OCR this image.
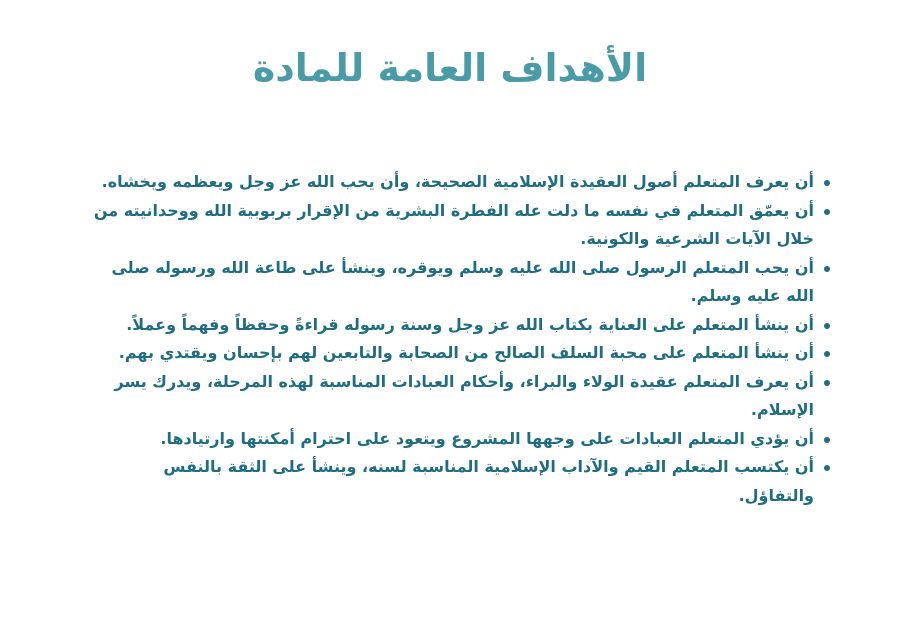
الأهداف العامة للمادة
أن يعرف المتعلم أصول العقيدة الإسلامية الصحيحة، وأن يحب الله عز وجل ويعظمه ويخشاه.
أن يعمّق المتعلم في نفسه ما دلت عله الفطرة البشرية من الإقرار بربوبية الله ووحدانيته من خلال الآيات الشرعية والكونية.
أن يحب المتعلم الرسول صلى الله عليه وسلم ويوقره، وينشأ على طاعة الله ورسوله صلى الله عليه وسلم.
أن ينشأ المتعلم على العناية بكتاب الله عز وجل وسنة رسوله قراءةً وحفظاً وفهماً وعملاً.
أن ينشأ المتعلم على محبة السلف الصالح من الصحابة والتابعين لهم بإحسان ويقتدي بهم.
أن يعرف المتعلم عقيدة الولاء والبراء، وأحكام العبادات المناسبة لهذه المرحلة، ويدرك يسر الإسلام.
أن يؤدي المتعلم العبادات على وجهها المشروع ويتعود على احترام أمكنتها وارتيادها.
أن يكتسب المتعلم القيم والآداب الإسلامية المناسبة لسنه، وينشأ على الثقة بالنفس والتفاؤل.
